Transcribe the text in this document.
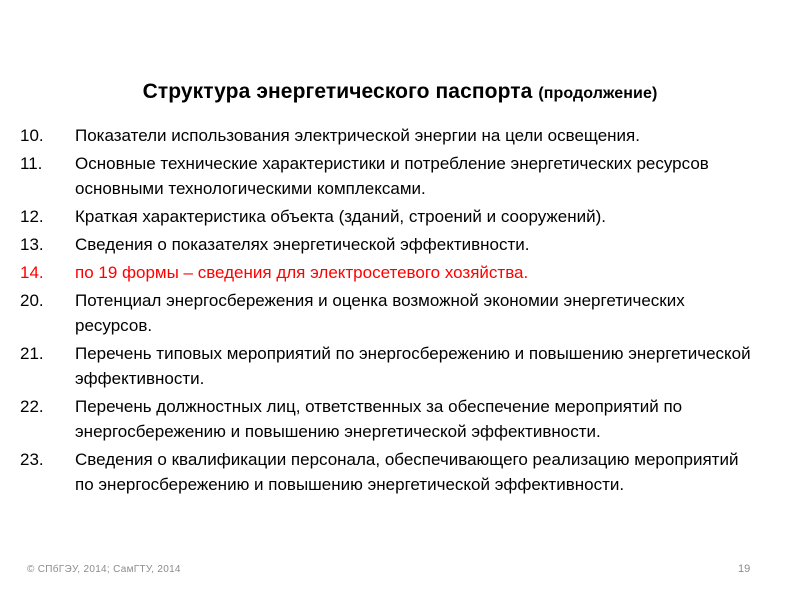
Структура энергетического паспорта (продолжение)
10.	Показатели использования электрической энергии на цели освещения.
11.	Основные технические характеристики и потребление энергетических ресурсов основными технологическими комплексами.
12.	Краткая характеристика объекта (зданий, строений и сооружений).
13.	Сведения о показателях энергетической эффективности.
14.	по 19 формы – сведения для электросетевого хозяйства.
20.	Потенциал энергосбережения и оценка возможной экономии энергетических ресурсов.
21.	Перечень типовых мероприятий по энергосбережению и повышению энергетической эффективности.
22.	Перечень должностных лиц, ответственных за обеспечение мероприятий по энергосбережению и повышению энергетической эффективности.
23.	Сведения о квалификации персонала, обеспечивающего реализацию мероприятий по энергосбережению и повышению энергетической эффективности.
© СПбГЭУ, 2014; СамГТУ, 2014	19
